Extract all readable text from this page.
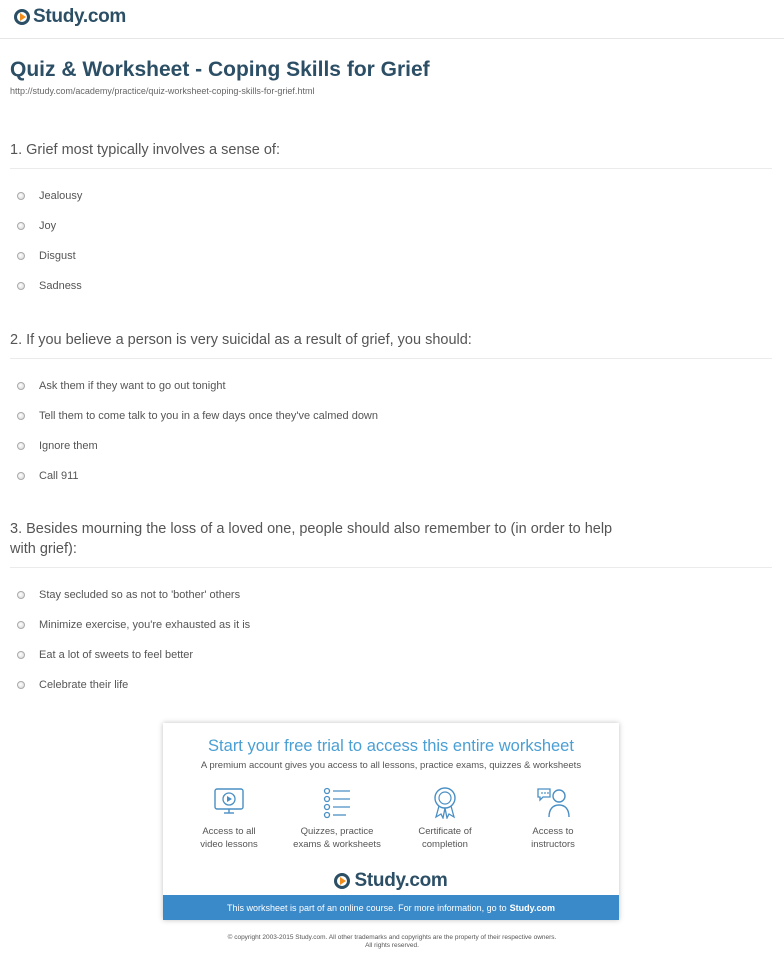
Study.com
Quiz & Worksheet - Coping Skills for Grief
http://study.com/academy/practice/quiz-worksheet-coping-skills-for-grief.html
1. Grief most typically involves a sense of:
Jealousy
Joy
Disgust
Sadness
2. If you believe a person is very suicidal as a result of grief, you should:
Ask them if they want to go out tonight
Tell them to come talk to you in a few days once they've calmed down
Ignore them
Call 911
3. Besides mourning the loss of a loved one, people should also remember to (in order to help with grief):
Stay secluded so as not to 'bother' others
Minimize exercise, you're exhausted as it is
Eat a lot of sweets to feel better
Celebrate their life
Start your free trial to access this entire worksheet
A premium account gives you access to all lessons, practice exams, quizzes & worksheets
Access to all
video lessons
Quizzes, practice
exams & worksheets
Certificate of
completion
Access to
instructors
Study.com
This worksheet is part of an online course. For more information, go to Study.com
© copyright 2003-2015 Study.com. All other trademarks and copyrights are the property of their respective owners.
All rights reserved.
